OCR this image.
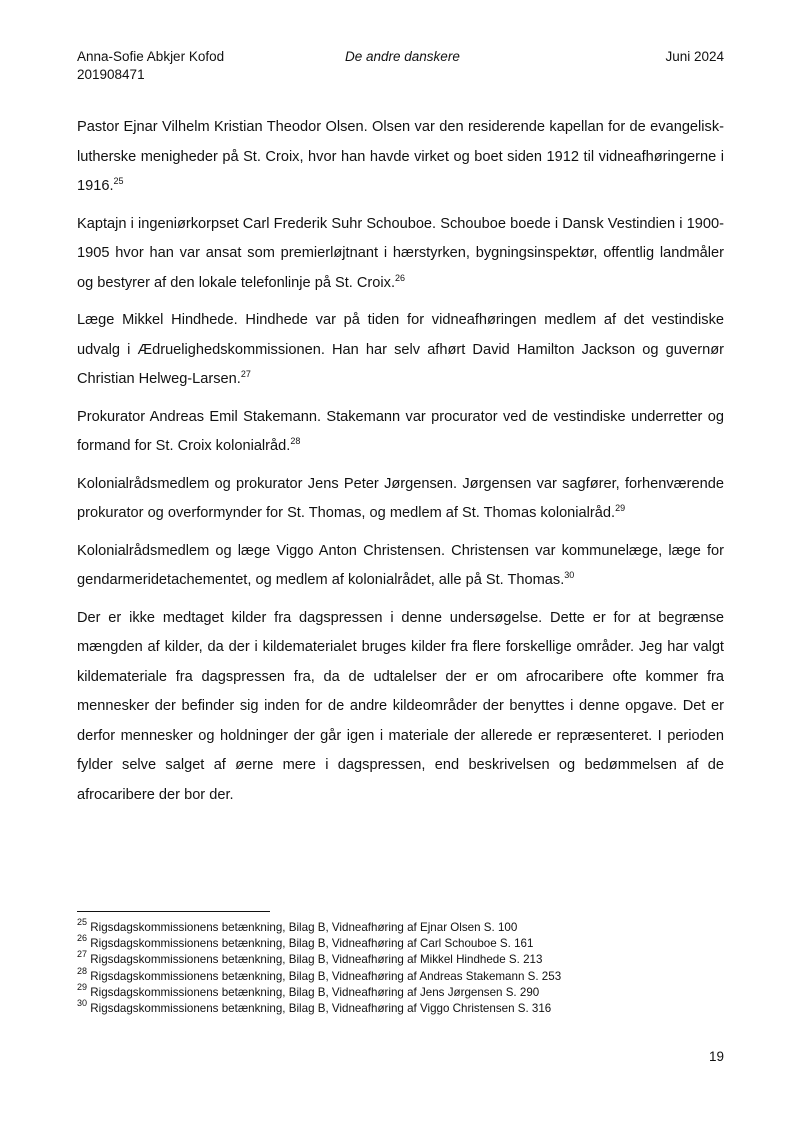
Anna-Sofie Abkjer Kofod
201908471
De andre danskere	Juni 2024

Pastor Ejnar Vilhelm Kristian Theodor Olsen. Olsen var den residerende kapellan for de evangelisk-lutherske menigheder på St. Croix, hvor han havde virket og boet siden 1912 til vidneafhøringerne i 1916.25

Kaptajn i ingeniørkorpset Carl Frederik Suhr Schouboe. Schouboe boede i Dansk Vestindien i 1900-1905 hvor han var ansat som premierløjtnant i hærstyrken, bygningsinspektør, offentlig landmåler og bestyrer af den lokale telefonlinje på St. Croix.$^{26}$

Læge Mikkel Hindhede. Hindhede var på tiden for vidneafhøringen medlem af det vestindiske udvalg i Ædruelighedskommissionen. Han har selv afhørt David Hamilton Jackson og guvernør Christian Helweg-Larsen.$^{27}$

Prokurator Andreas Emil Stakemann. Stakemann var procurator ved de vestindiske underretter og formand for St. Croix kolonialråd.$^{28}$

Kolonialrådsmedlem og prokurator Jens Peter Jørgensen. Jørgensen var sagfører, forhenværende prokurator og overformynder for St. Thomas, og medlem af St. Thomas kolonialråd.$^{29}$

Kolonialrådsmedlem og læge Viggo Anton Christensen. Christensen var kommunelæge, læge for gendarmeridetachementet, og medlem af kolonialrådet, alle på St. Thomas.$^{30}$

Der er ikke medtaget kilder fra dagspressen i denne undersøgelse. Dette er for at begrænse mængden af kilder, da der i kildematerialet bruges kilder fra flere forskellige områder. Jeg har valgt kildemateriale fra dagspressen fra, da de udtalelser der er om afrocaribere ofte kommer fra mennesker der befinder sig inden for de andre kildeområder der benyttes i denne opgave. Det er derfor mennesker og holdninger der går igen i materiale der allerede er repræsenteret. I perioden fylder selve salget af øerne mere i dagspressen, end beskrivelsen og bedømmelsen af de afrocaribere der bor der.

$^{25}$ Rigsdagskommissionens betænkning, Bilag B, Vidneafhøring af Ejnar Olsen S. 100
$^{26}$ Rigsdagskommissionens betænkning, Bilag B, Vidneafhøring af Carl Schouboe S. 161
$^{27}$ Rigsdagskommissionens betænkning, Bilag B, Vidneafhøring af Mikkel Hindhede S. 213
$^{28}$ Rigsdagskommissionens betænkning, Bilag B, Vidneafhøring af Andreas Stakemann S. 253
$^{29}$ Rigsdagskommissionens betænkning, Bilag B, Vidneafhøring af Jens Jørgensen S. 290
$^{30}$ Rigsdagskommissionens betænkning, Bilag B, Vidneafhøring af Viggo Christensen S. 316
19
